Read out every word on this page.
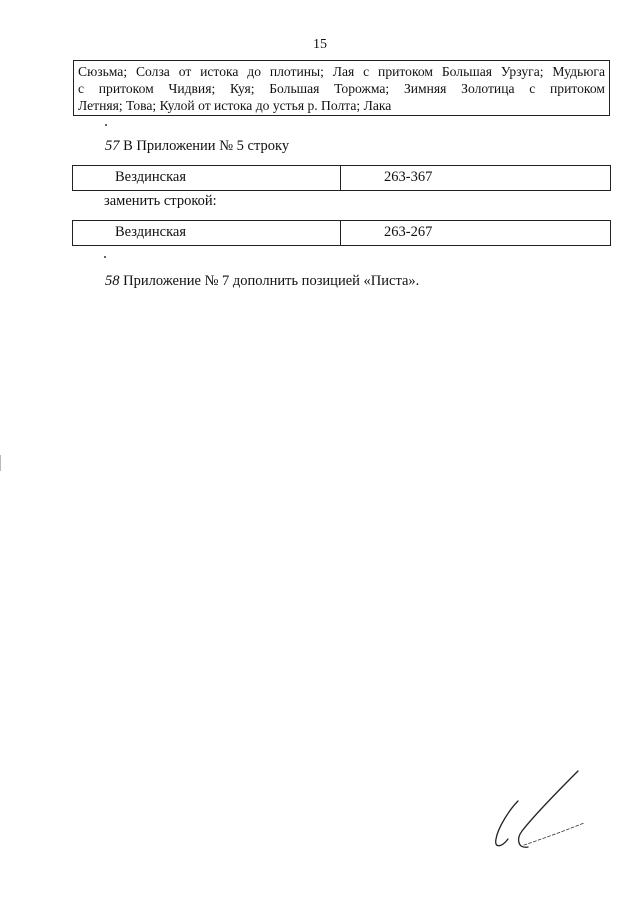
15
Сюзьма; Солза от истока до плотины; Лая с притоком Большая Урзуга; Мудьюга
с притоком Чидвия; Куя; Большая Торожма; Зимняя Золотица с притоком
Летняя; Това; Кулой от истока до устья р. Полта; Лака
57 В Приложении № 5 строку
Вездинская	263-367
заменить строкой:
Вездинская	263-267
58 Приложение № 7 дополнить позицией «Писта».
